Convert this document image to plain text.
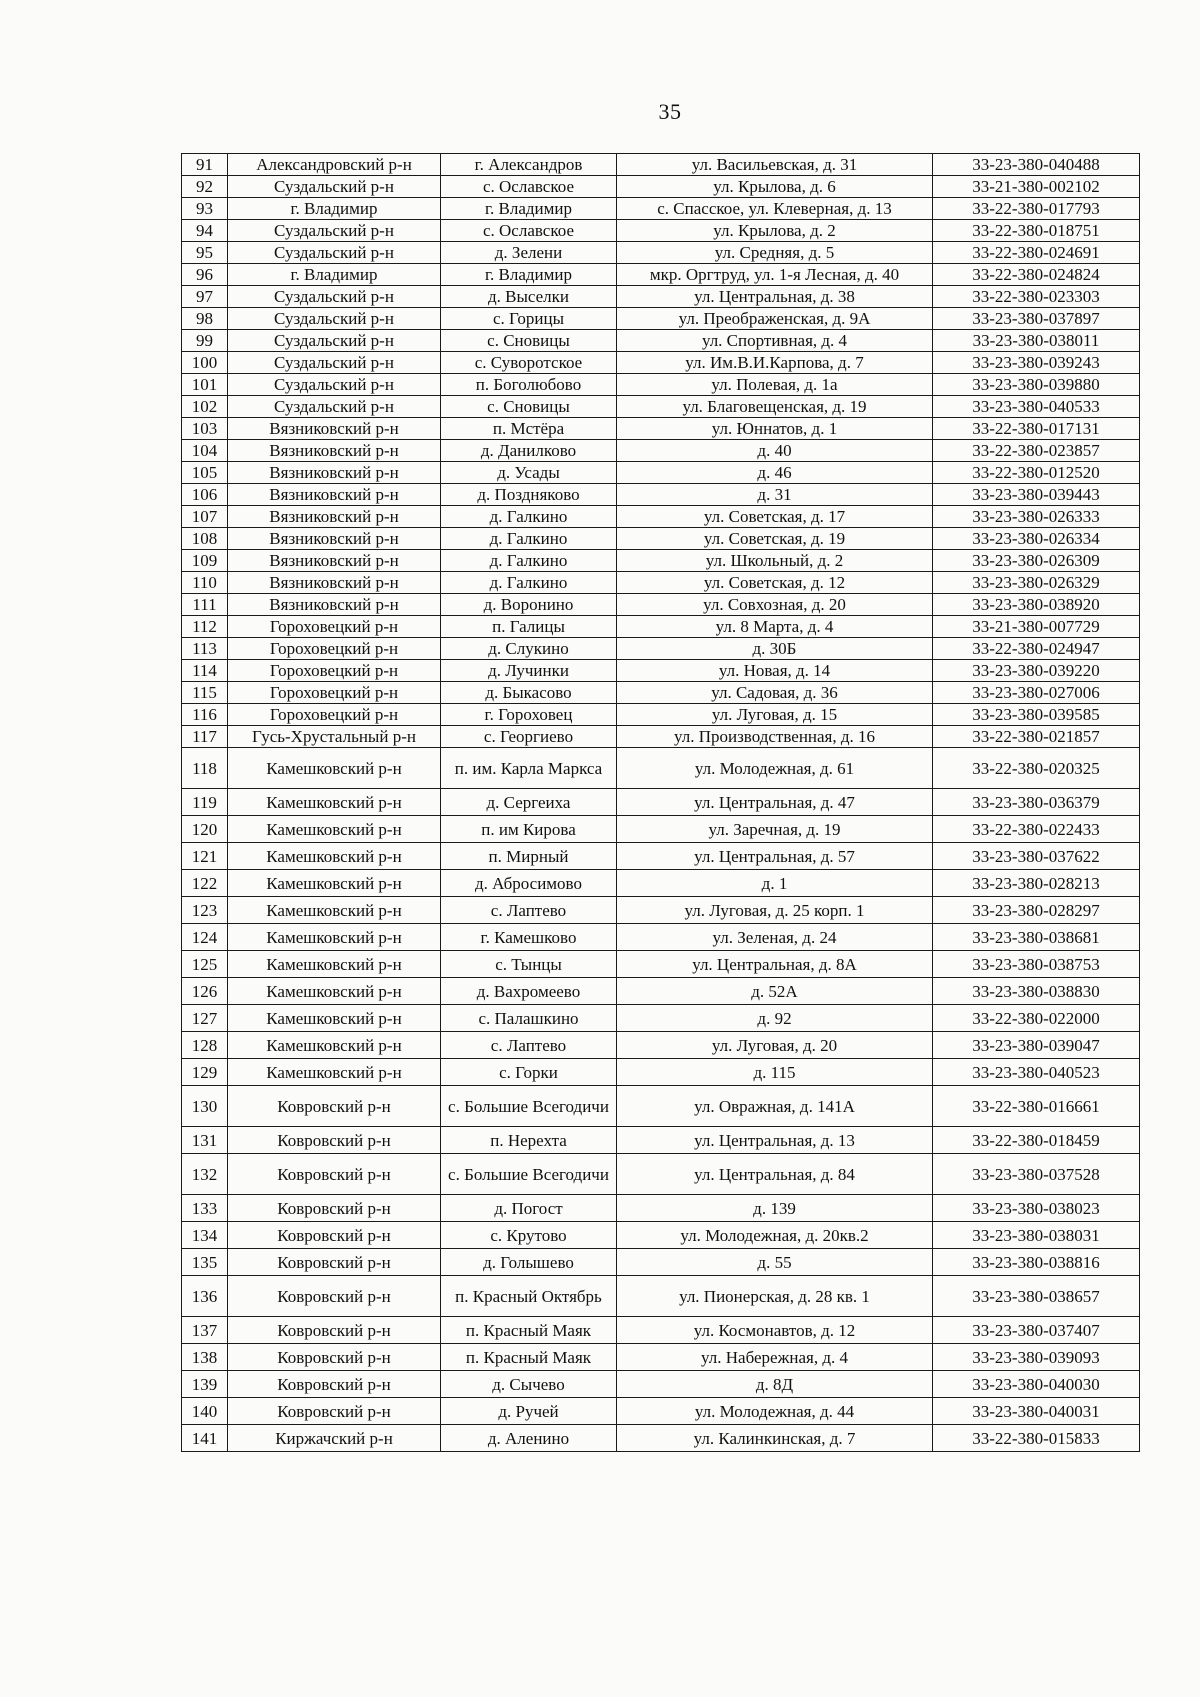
35
91	Александровский р-н	г. Александров	ул. Васильевская, д. 31	33-23-380-040488
92	Суздальский р-н	с. Ославское	ул. Крылова, д. 6	33-21-380-002102
93	г. Владимир	г. Владимир	с. Спасское, ул. Клеверная, д. 13	33-22-380-017793
94	Суздальский р-н	с. Ославское	ул. Крылова, д. 2	33-22-380-018751
95	Суздальский р-н	д. Зелени	ул. Средняя, д. 5	33-22-380-024691
96	г. Владимир	г. Владимир	мкр. Оргтруд, ул. 1-я Лесная, д. 40	33-22-380-024824
97	Суздальский р-н	д. Выселки	ул. Центральная, д. 38	33-22-380-023303
98	Суздальский р-н	с. Горицы	ул. Преображенская, д. 9А	33-23-380-037897
99	Суздальский р-н	с. Сновицы	ул. Спортивная, д. 4	33-23-380-038011
100	Суздальский р-н	с. Суворотское	ул. Им.В.И.Карпова, д. 7	33-23-380-039243
101	Суздальский р-н	п. Боголюбово	ул. Полевая, д. 1а	33-23-380-039880
102	Суздальский р-н	с. Сновицы	ул. Благовещенская, д. 19	33-23-380-040533
103	Вязниковский р-н	п. Мстёра	ул. Юннатов, д. 1	33-22-380-017131
104	Вязниковский р-н	д. Данилково	д. 40	33-22-380-023857
105	Вязниковский р-н	д. Усады	д. 46	33-22-380-012520
106	Вязниковский р-н	д. Поздняково	д. 31	33-23-380-039443
107	Вязниковский р-н	д. Галкино	ул. Советская, д. 17	33-23-380-026333
108	Вязниковский р-н	д. Галкино	ул. Советская, д. 19	33-23-380-026334
109	Вязниковский р-н	д. Галкино	ул. Школьный, д. 2	33-23-380-026309
110	Вязниковский р-н	д. Галкино	ул. Советская, д. 12	33-23-380-026329
111	Вязниковский р-н	д. Воронино	ул. Совхозная, д. 20	33-23-380-038920
112	Гороховецкий р-н	п. Галицы	ул. 8 Марта, д. 4	33-21-380-007729
113	Гороховецкий р-н	д. Слукино	д. 30Б	33-22-380-024947
114	Гороховецкий р-н	д. Лучинки	ул. Новая, д. 14	33-23-380-039220
115	Гороховецкий р-н	д. Быкасово	ул. Садовая, д. 36	33-23-380-027006
116	Гороховецкий р-н	г. Гороховец	ул. Луговая, д. 15	33-23-380-039585
117	Гусь-Хрустальный р-н	с. Георгиево	ул. Производственная, д. 16	33-22-380-021857
118	Камешковский р-н	п. им. Карла Маркса	ул. Молодежная, д. 61	33-22-380-020325
119	Камешковский р-н	д. Сергеиха	ул. Центральная, д. 47	33-23-380-036379
120	Камешковский р-н	п. им Кирова	ул. Заречная, д. 19	33-22-380-022433
121	Камешковский р-н	п. Мирный	ул. Центральная, д. 57	33-23-380-037622
122	Камешковский р-н	д. Абросимово	д. 1	33-23-380-028213
123	Камешковский р-н	с. Лаптево	ул. Луговая, д. 25 корп. 1	33-23-380-028297
124	Камешковский р-н	г. Камешково	ул. Зеленая, д. 24	33-23-380-038681
125	Камешковский р-н	с. Тынцы	ул. Центральная, д. 8А	33-23-380-038753
126	Камешковский р-н	д. Вахромеево	д. 52А	33-23-380-038830
127	Камешковский р-н	с. Палашкино	д. 92	33-22-380-022000
128	Камешковский р-н	с. Лаптево	ул. Луговая, д. 20	33-23-380-039047
129	Камешковский р-н	с. Горки	д. 115	33-23-380-040523
130	Ковровский р-н	с. Большие Всегодичи	ул. Овражная, д. 141А	33-22-380-016661
131	Ковровский р-н	п. Нерехта	ул. Центральная, д. 13	33-22-380-018459
132	Ковровский р-н	с. Большие Всегодичи	ул. Центральная, д. 84	33-23-380-037528
133	Ковровский р-н	д. Погост	д. 139	33-23-380-038023
134	Ковровский р-н	с. Крутово	ул. Молодежная, д. 20кв.2	33-23-380-038031
135	Ковровский р-н	д. Голышево	д. 55	33-23-380-038816
136	Ковровский р-н	п. Красный Октябрь	ул. Пионерская, д. 28 кв. 1	33-23-380-038657
137	Ковровский р-н	п. Красный Маяк	ул. Космонавтов, д. 12	33-23-380-037407
138	Ковровский р-н	п. Красный Маяк	ул. Набережная, д. 4	33-23-380-039093
139	Ковровский р-н	д. Сычево	д. 8Д	33-23-380-040030
140	Ковровский р-н	д. Ручей	ул. Молодежная, д. 44	33-23-380-040031
141	Киржачский р-н	д. Аленино	ул. Калинкинская, д. 7	33-22-380-015833
